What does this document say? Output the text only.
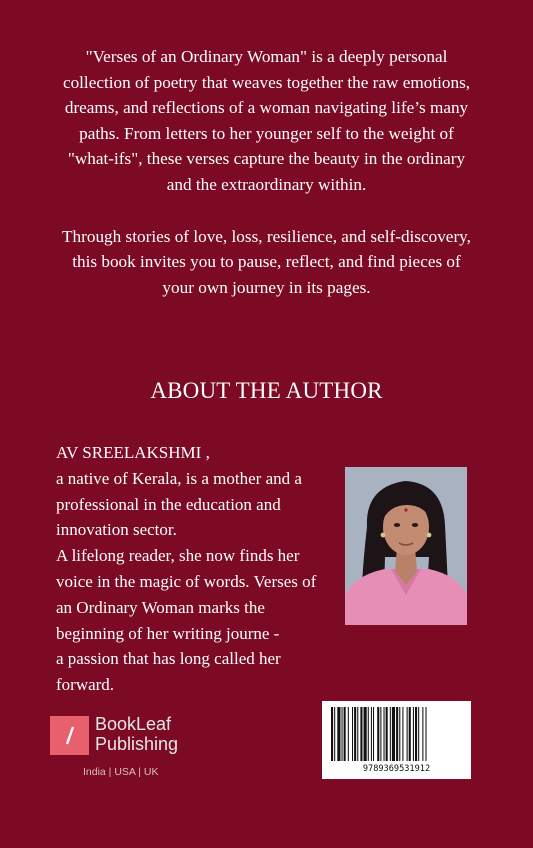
"Verses of an Ordinary Woman" is a deeply personal
collection of poetry that weaves together the raw emotions,
dreams, and reflections of a woman navigating life’s many
paths. From letters to her younger self to the weight of
"what-ifs", these verses capture the beauty in the ordinary
and the extraordinary within.

Through stories of love, loss, resilience, and self-discovery,
this book invites you to pause, reflect, and find pieces of
your own journey in its pages.

ABOUT THE AUTHOR
AV SREELAKSHMI ,
a native of Kerala, is a mother and a
professional in the education and
innovation sector.
A lifelong reader, she now finds her
voice in the magic of words. Verses of
an Ordinary Woman marks the
beginning of her writing journe -
a passion that has long called her
forward.
BookLeaf
Publishing
India | USA | UK	9789369531912
